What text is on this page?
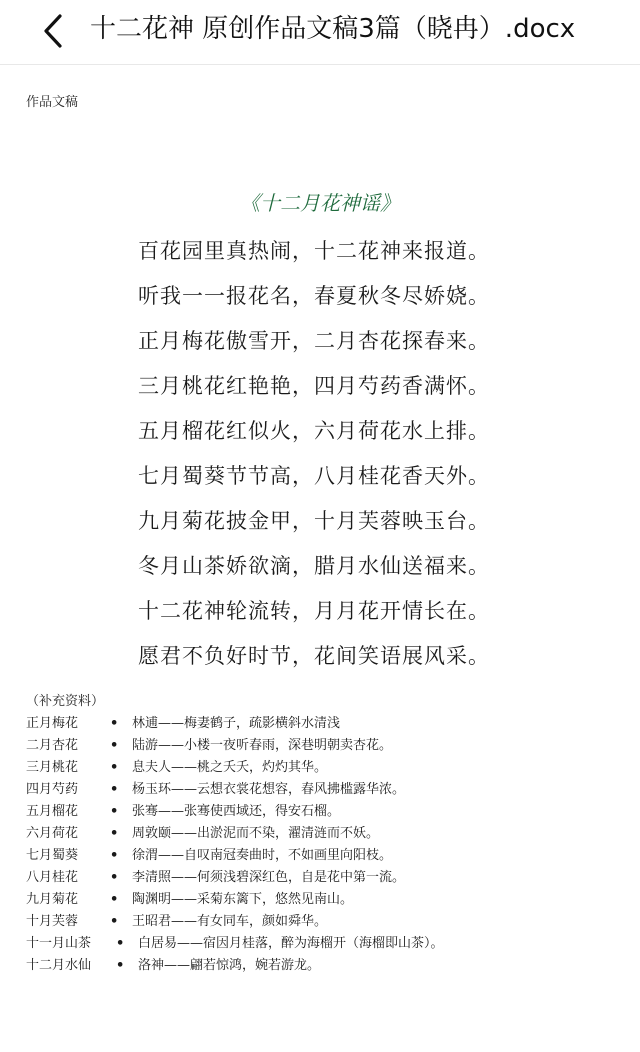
十二花神 原创作品文稿3篇（晓冉）.docx
作品文稿
《十二月花神谣》
百花园里真热闹，十二花神来报道。
听我一一报花名，春夏秋冬尽娇娆。
正月梅花傲雪开，二月杏花探春来。
三月桃花红艳艳，四月芍药香满怀。
五月榴花红似火，六月荷花水上排。
七月蜀葵节节高，八月桂花香天外。
九月菊花披金甲，十月芙蓉映玉台。
冬月山茶娇欲滴，腊月水仙送福来。
十二花神轮流转，月月花开情长在。
愿君不负好时节，花间笑语展风采。
（补充资料）
正月梅花	•	林逋——梅妻鹤子，疏影横斜水清浅
二月杏花	•	陆游——小楼一夜听春雨，深巷明朝卖杏花。
三月桃花	•	息夫人——桃之夭夭，灼灼其华。
四月芍药	•	杨玉环——云想衣裳花想容，春风拂槛露华浓。
五月榴花	•	张骞——张骞使西域还，得安石榴。
六月荷花	•	周敦颐——出淤泥而不染，濯清涟而不妖。
七月蜀葵	•	徐渭——自叹南冠奏曲时，不如画里向阳枝。
八月桂花	•	李清照——何须浅碧深红色，自是花中第一流。
九月菊花	•	陶渊明——采菊东篱下，悠然见南山。
十月芙蓉	•	王昭君——有女同车，颜如舜华。
十一月山茶	•	白居易——宿因月桂落，醉为海榴开（海榴即山茶）。
十二月水仙	•	洛神——翩若惊鸿，婉若游龙。
